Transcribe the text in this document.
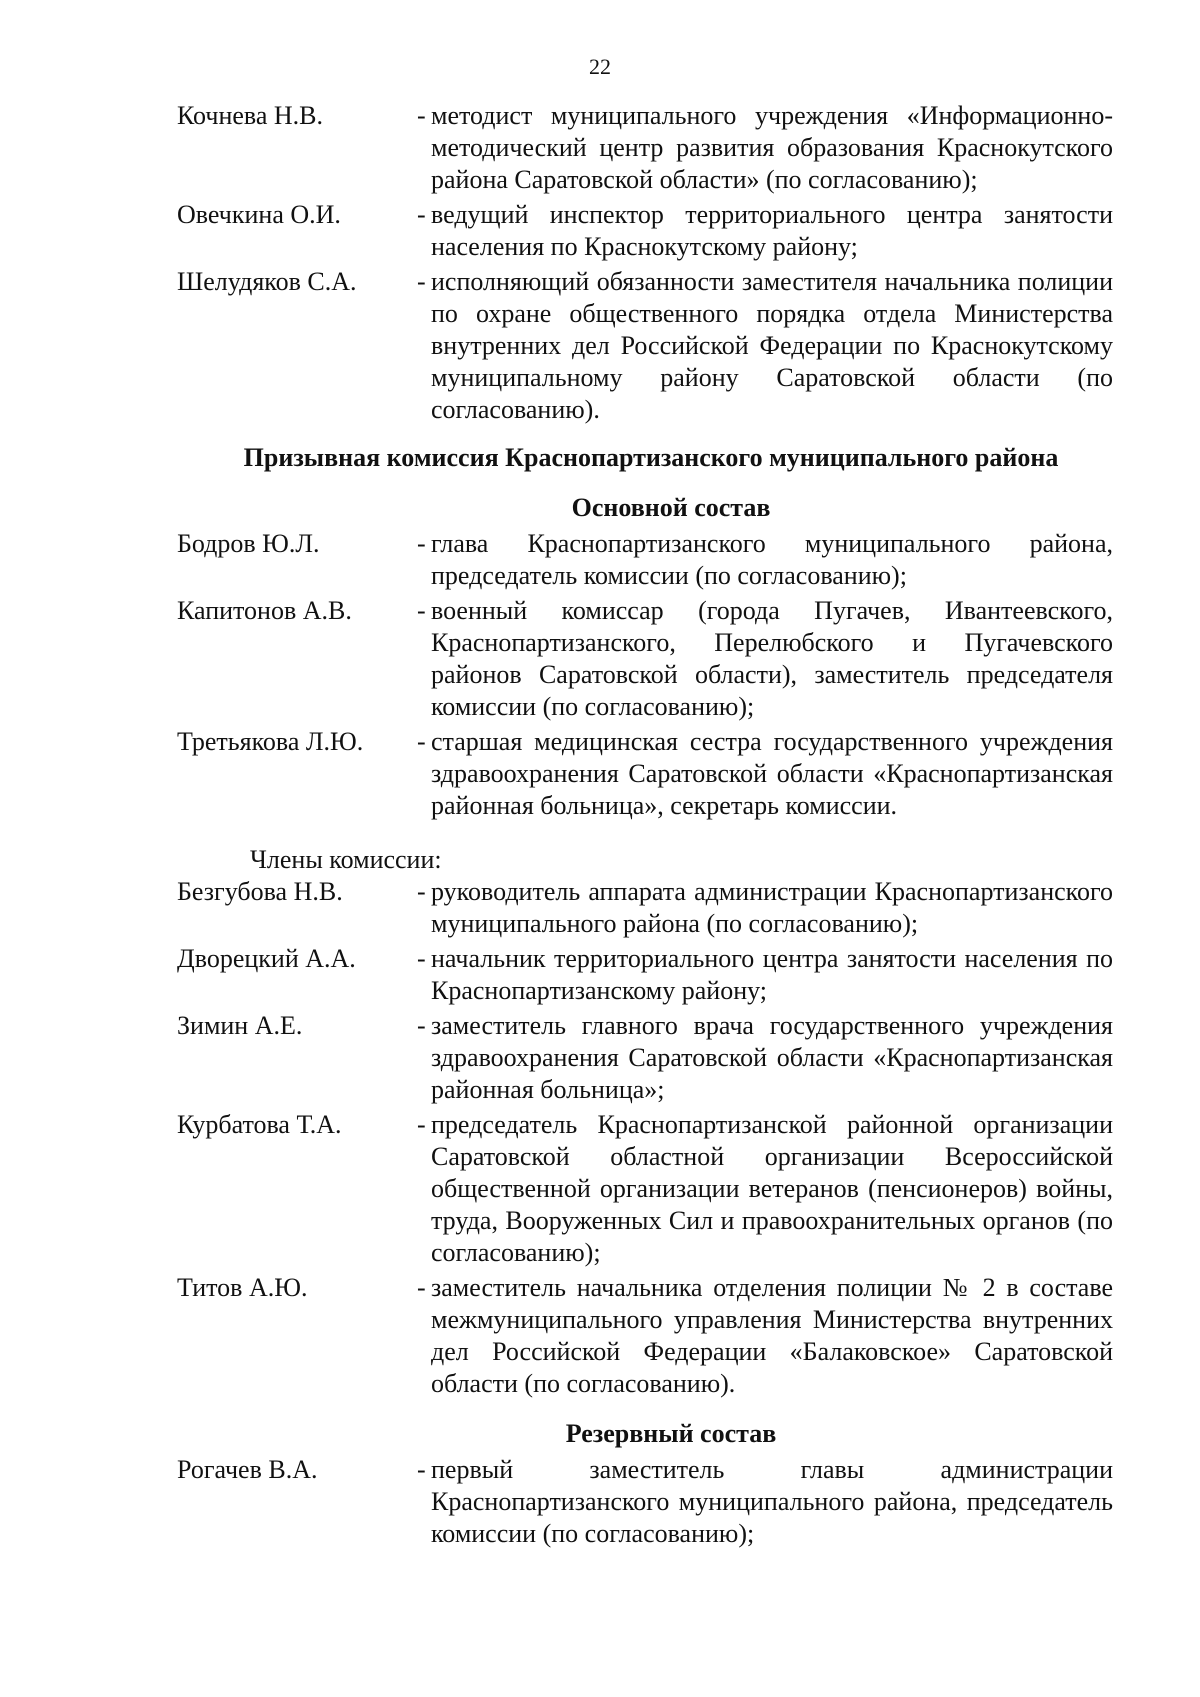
22
Кочнева Н.В.	- методист муниципального учреждения «Информационно-методический центр развития образования Краснокутского района Саратовской области» (по согласованию);
Овечкина О.И.	- ведущий инспектор территориального центра занятости населения по Краснокутскому району;
Шелудяков С.А.	- исполняющий обязанности заместителя начальника полиции по охране общественного порядка отдела Министерства внутренних дел Российской Федерации по Краснокутскому муниципальному району Саратовской области (по согласованию).
Призывная комиссия Краснопартизанского муниципального района
Основной состав
Бодров Ю.Л.	- глава Краснопартизанского муниципального района, председатель комиссии (по согласованию);
Капитонов А.В.	- военный комиссар (города Пугачев, Ивантеевского, Краснопартизанского, Перелюбского и Пугачевского районов Саратовской области), заместитель председателя комиссии (по согласованию);
Третьякова Л.Ю.	- старшая медицинская сестра государственного учреждения здравоохранения Саратовской области «Краснопартизанская районная больница», секретарь комиссии.
Члены комиссии:
Безгубова Н.В.	- руководитель аппарата администрации Краснопартизанского муниципального района (по согласованию);
Дворецкий А.А.	- начальник территориального центра занятости населения по Краснопартизанскому району;
Зимин А.Е.	- заместитель главного врача государственного учреждения здравоохранения Саратовской области «Краснопартизанская районная больница»;
Курбатова Т.А.	- председатель Краснопартизанской районной организации Саратовской областной организации Всероссийской общественной организации ветеранов (пенсионеров) войны, труда, Вооруженных Сил и правоохранительных органов (по согласованию);
Титов А.Ю.	- заместитель начальника отделения полиции № 2 в составе межмуниципального управления Министерства внутренних дел Российской Федерации «Балаковское» Саратовской области (по согласованию).
Резервный состав
Рогачев В.А.	- первый заместитель главы администрации Краснопартизанского муниципального района, председатель комиссии (по согласованию);
